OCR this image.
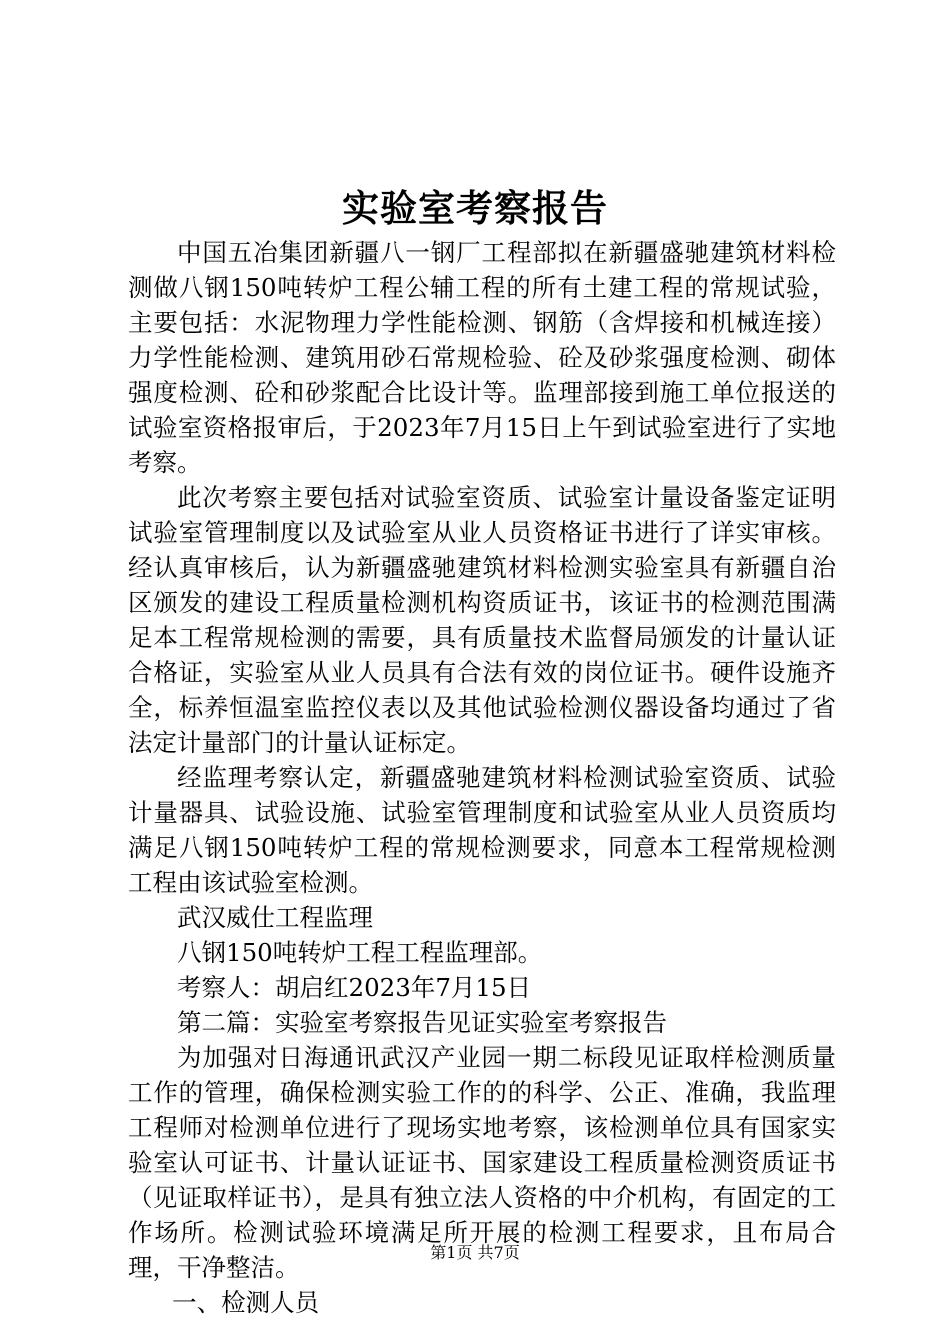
实验室考察报告

中国五冶集团新疆八一钢厂工程部拟在新疆盛驰建筑材料检测做八钢150吨转炉工程公辅工程的所有土建工程的常规试验，主要包括：水泥物理力学性能检测、钢筋（含焊接和机械连接）力学性能检测、建筑用砂石常规检验、砼及砂浆强度检测、砌体强度检测、砼和砂浆配合比设计等。监理部接到施工单位报送的试验室资格报审后，于2023年7月15日上午到试验室进行了实地考察。

此次考察主要包括对试验室资质、试验室计量设备鉴定证明试验室管理制度以及试验室从业人员资格证书进行了详实审核。经认真审核后，认为新疆盛驰建筑材料检测实验室具有新疆自治区颁发的建设工程质量检测机构资质证书，该证书的检测范围满足本工程常规检测的需要，具有质量技术监督局颁发的计量认证合格证，实验室从业人员具有合法有效的岗位证书。硬件设施齐全，标养恒温室监控仪表以及其他试验检测仪器设备均通过了省法定计量部门的计量认证标定。

经监理考察认定，新疆盛驰建筑材料检测试验室资质、试验计量器具、试验设施、试验室管理制度和试验室从业人员资质均满足八钢150吨转炉工程的常规检测要求，同意本工程常规检测工程由该试验室检测。

武汉威仕工程监理

八钢150吨转炉工程工程监理部。

考察人：胡启红2023年7月15日

第二篇：实验室考察报告见证实验室考察报告

为加强对日海通讯武汉产业园一期二标段见证取样检测质量工作的管理，确保检测实验工作的的科学、公正、准确，我监理工程师对检测单位进行了现场实地考察，该检测单位具有国家实验室认可证书、计量认证证书、国家建设工程质量检测资质证书（见证取样证书），是具有独立法人资格的中介机构，有固定的工作场所。检测试验环境满足所开展的检测工程要求，且布局合理，干净整洁。

一、检测人员

第1页 共7页
